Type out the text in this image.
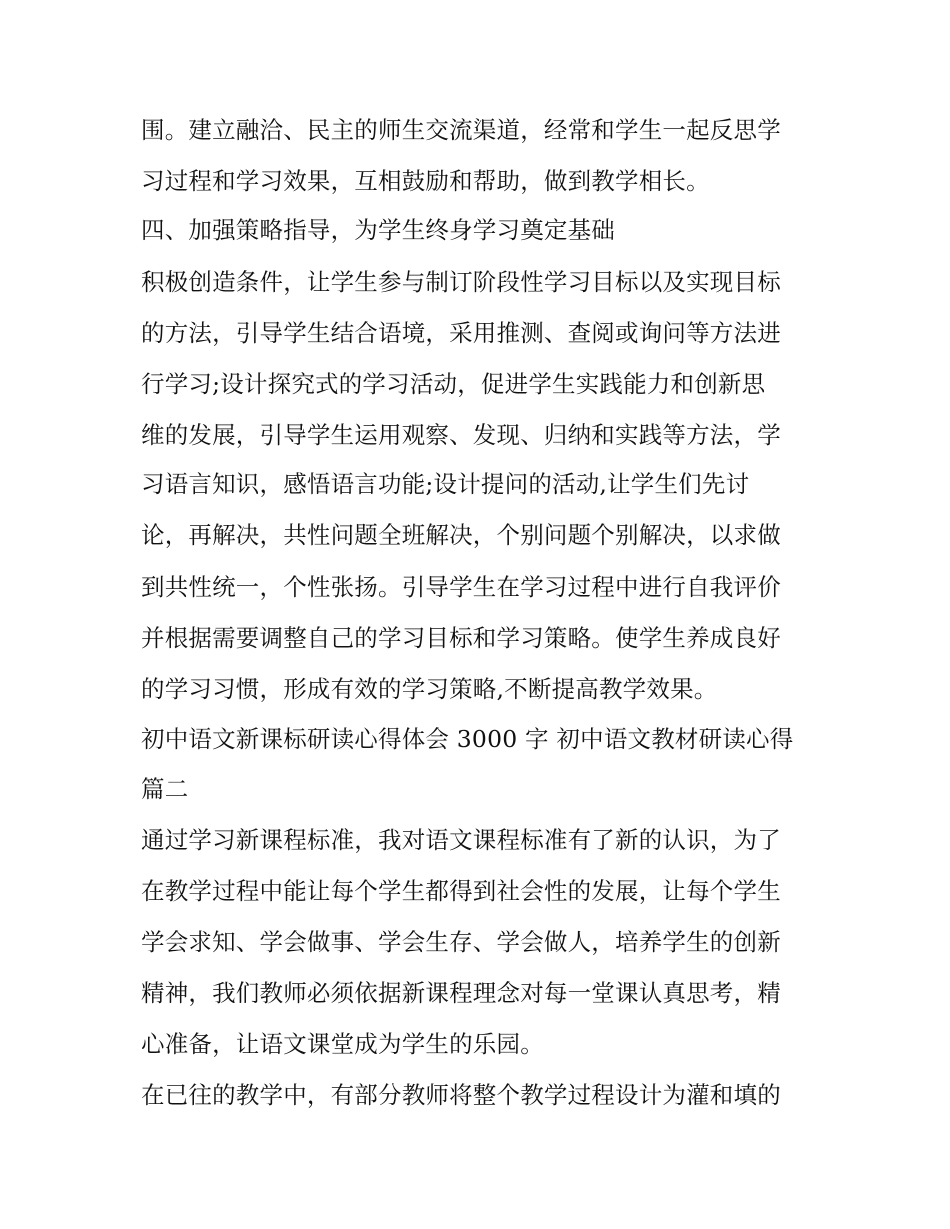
围。建立融洽、民主的师生交流渠道，经常和学生一起反思学
习过程和学习效果，互相鼓励和帮助，做到教学相长。
四、加强策略指导，为学生终身学习奠定基础
积极创造条件，让学生参与制订阶段性学习目标以及实现目标
的方法，引导学生结合语境，采用推测、查阅或询问等方法进
行学习;设计探究式的学习活动，促进学生实践能力和创新思
维的发展，引导学生运用观察、发现、归纳和实践等方法，学
习语言知识，感悟语言功能;设计提问的活动,让学生们先讨
论，再解决，共性问题全班解决，个别问题个别解决，以求做
到共性统一，个性张扬。引导学生在学习过程中进行自我评价
并根据需要调整自己的学习目标和学习策略。使学生养成良好
的学习习惯，形成有效的学习策略,不断提高教学效果。
初中语文新课标研读心得体会 3000 字 初中语文教材研读心得
篇二
通过学习新课程标准，我对语文课程标准有了新的认识，为了
在教学过程中能让每个学生都得到社会性的发展，让每个学生
学会求知、学会做事、学会生存、学会做人，培养学生的创新
精神，我们教师必须依据新课程理念对每一堂课认真思考，精
心准备，让语文课堂成为学生的乐园。
在已往的教学中，有部分教师将整个教学过程设计为灌和填的
